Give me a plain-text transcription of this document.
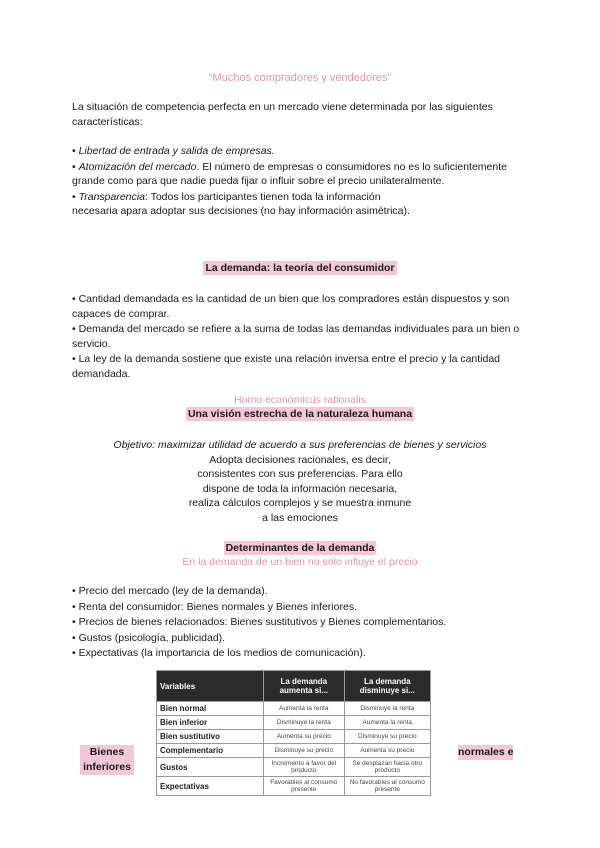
“Muchos compradores y vendedores”

La situación de competencia perfecta en un mercado viene determinada por las siguientes características:

• Libertad de entrada y salida de empresas.

• Atomización del mercado. El número de empresas o consumidores no es lo suficientemente grande como para que nadie pueda fijar o influir sobre el precio unilateralmente.

• Transparencia: Todos los participantes tienen toda la información necesaria apara adoptar sus decisiones (no hay información asimétrica).

La demanda: la teoría del consumidor

• Cantidad demandada es la cantidad de un bien que los compradores están dispuestos y son capaces de comprar.

• Demanda del mercado se refiere a la suma de todas las demandas individuales para un bien o servicio.

• La ley de la demanda sostiene que existe una relación inversa entre el precio y la cantidad demandada.

Homo economicus rationalis
Una visión estrecha de la naturaleza humana
Objetivo: maximizar utilidad de acuerdo a sus preferencias de bienes y servicios
Adopta decisiones racionales, es decir,
consistentes con sus preferencias. Para ello
dispone de toda la información necesaria,
realiza cálculos complejos y se muestra inmune
a las emociones
Determinantes de la demanda
En la demanda de un bien no solo influye el precio

• Precio del mercado (ley de la demanda).

• Renta del consumidor: Bienes normales y Bienes inferiores.

• Precios de bienes relacionados: Bienes sustitutivos y Bienes complementarios.

• Gustos (psicología, publicidad).

• Expectativas (la importancia de los medios de comunicación).

Variables	La demanda aumenta si...	La demanda disminuye si...
Bien normal	Aumenta la renta	Disminuye la renta
Bien inferior	Disminuye la renta	Aumenta la renta
Bien sustitutivo	Aumenta su precio	Disminuye su precio
Complementario	Disminuye su precio	Aumenta su precio
Gustos	Incremento a favor del producto	Se desplazan hacia otro producto
Expectativas	Favorables al consumo presente	No favorables al consumo presente
Bienes inferiores
normales e
